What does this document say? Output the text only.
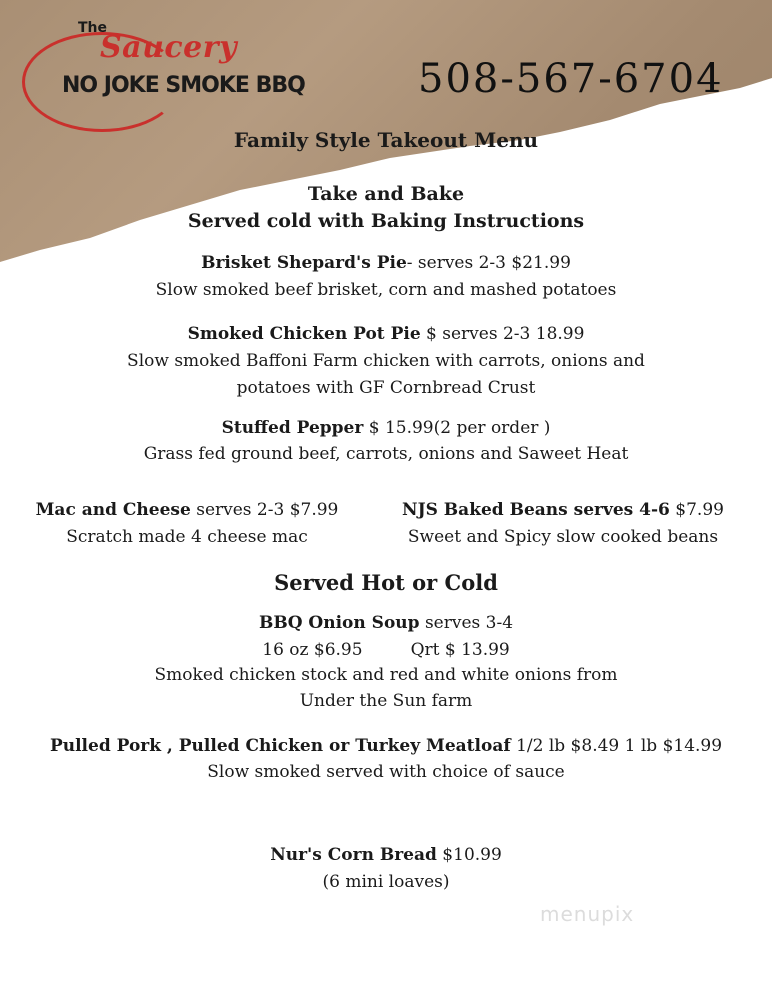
The
Saucery
NO JOKE SMOKE BBQ	508-567-6704
Family Style Takeout Menu
Take and Bake
Served cold with Baking Instructions
Brisket Shepard's Pie- serves 2-3 $21.99
Slow smoked beef brisket, corn and mashed potatoes
Smoked Chicken Pot Pie $ serves 2-3 18.99
Slow smoked Baffoni Farm chicken with carrots, onions and
potatoes with GF Cornbread Crust
Stuffed Pepper $ 15.99(2 per order )
Grass fed ground beef, carrots, onions and Saweet Heat
Mac and Cheese serves 2-3 $7.99
Scratch made 4 cheese mac
NJS Baked Beans serves 4-6 $7.99
Sweet and Spicy slow cooked beans
Served Hot or Cold
BBQ Onion Soup serves 3-4
16 oz $6.95	Qrt $ 13.99
Smoked chicken stock and red and white onions from
Under the Sun farm
Pulled Pork , Pulled Chicken or Turkey Meatloaf 1/2 lb $8.49 1 lb $14.99
Slow smoked served with choice of sauce
Nur's Corn Bread $10.99
(6 mini loaves)
menupix
